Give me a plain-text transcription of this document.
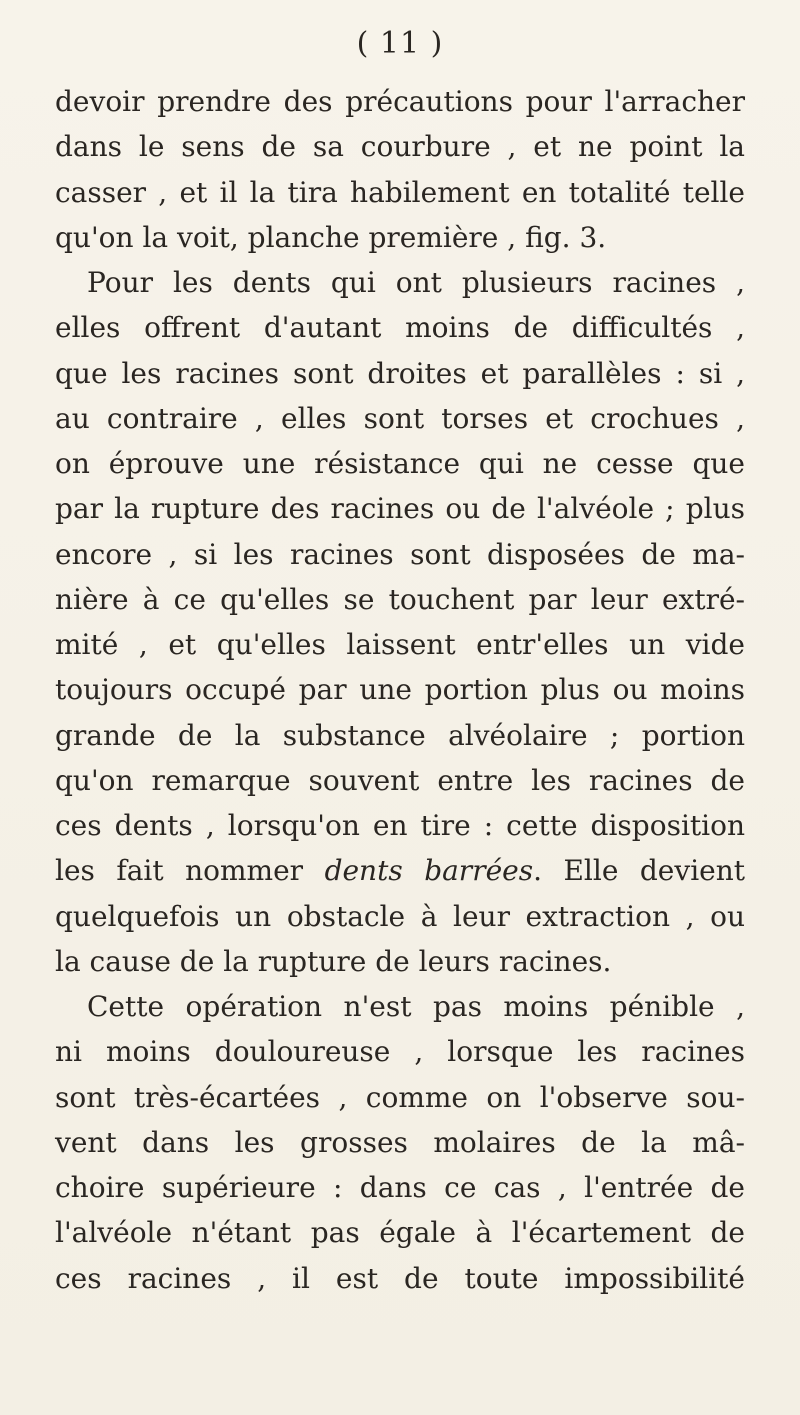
( 11 )
devoir prendre des précautions pour l'arracher
dans le sens de sa courbure , et ne point la
casser , et il la tira habilement en totalité telle
qu'on la voit, planche première , fig. 3.
Pour les dents qui ont plusieurs racines ,
elles offrent d'autant moins de difficultés ,
que les racines sont droites et parallèles : si ,
au contraire , elles sont torses et crochues ,
on éprouve une résistance qui ne cesse que
par la rupture des racines ou de l'alvéole ; plus
encore , si les racines sont disposées de ma-
nière à ce qu'elles se touchent par leur extré-
mité , et qu'elles laissent entr'elles un vide
toujours occupé par une portion plus ou moins
grande de la substance alvéolaire ; portion
qu'on remarque souvent entre les racines de
ces dents , lorsqu'on en tire : cette disposition
les fait nommer dents barrées. Elle devient
quelquefois un obstacle à leur extraction , ou
la cause de la rupture de leurs racines.
Cette opération n'est pas moins pénible ,
ni moins douloureuse , lorsque les racines
sont très-écartées , comme on l'observe sou-
vent dans les grosses molaires de la mâ-
choire supérieure : dans ce cas , l'entrée de
l'alvéole n'étant pas égale à l'écartement de
ces racines , il est de toute impossibilité
